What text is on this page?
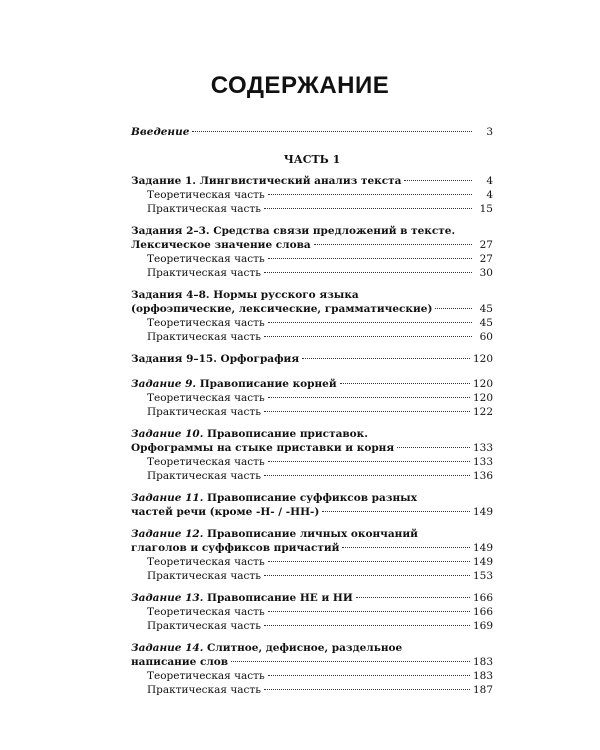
СОДЕРЖАНИЕ
Введение	3
ЧАСТЬ 1
Задание 1. Лингвистический анализ текста	4
Теоретическая часть	4
Практическая часть	15
Задания 2–3. Средства связи предложений в тексте.
Лексическое значение слова	27
Теоретическая часть	27
Практическая часть	30
Задания 4–8. Нормы русского языка
(орфоэпические, лексические, грамматические)	45
Теоретическая часть	45
Практическая часть	60
Задания 9–15. Орфография	120
Задание 9. Правописание корней	120
Теоретическая часть	120
Практическая часть	122
Задание 10. Правописание приставок.
Орфограммы на стыке приставки и корня	133
Теоретическая часть	133
Практическая часть	136
Задание 11. Правописание суффиксов разных
частей речи (кроме -Н- / -НН-)	149
Задание 12. Правописание личных окончаний
глаголов и суффиксов причастий	149
Теоретическая часть	149
Практическая часть	153
Задание 13. Правописание НЕ и НИ	166
Теоретическая часть	166
Практическая часть	169
Задание 14. Слитное, дефисное, раздельное
написание слов	183
Теоретическая часть	183
Практическая часть	187
